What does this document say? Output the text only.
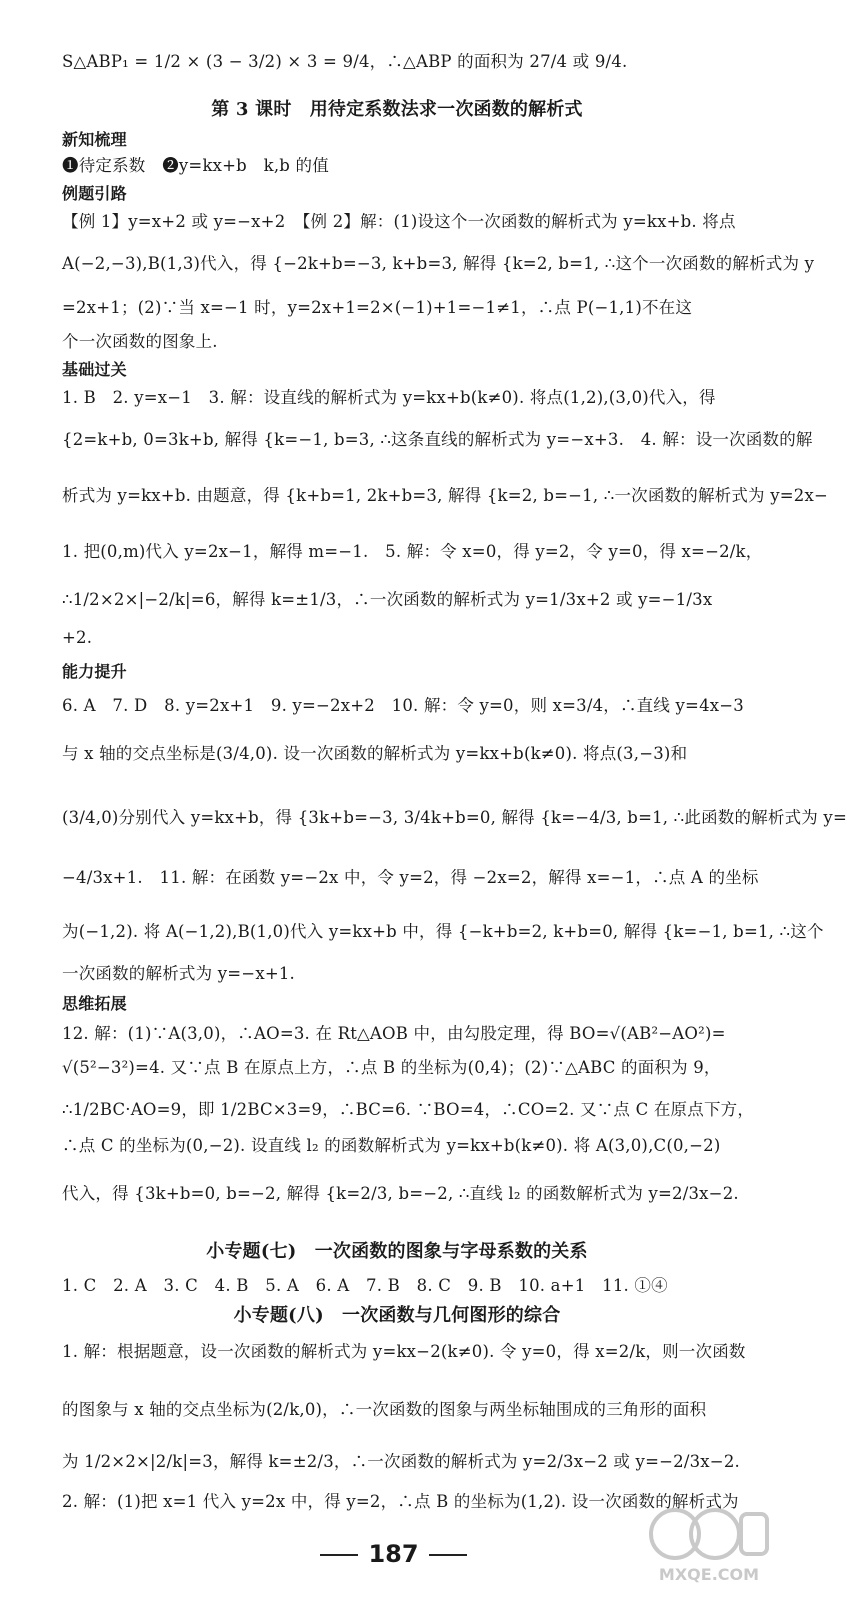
S△ABP₁ = 1/2 × (3 − 3/2) × 3 = 9/4，∴△ABP 的面积为 27/4 或 9/4.
第 3 课时　用待定系数法求一次函数的解析式
新知梳理
❶待定系数　❷y=kx+b　k,b 的值
例题引路
【例 1】y=x+2 或 y=−x+2　【例 2】解：(1)设这个一次函数的解析式为 y=kx+b. 将点
A(−2,−3),B(1,3)代入，得 {−2k+b=−3, k+b=3, 解得 {k=2, b=1, ∴这个一次函数的解析式为 y
=2x+1；(2)∵当 x=−1 时，y=2x+1=2×(−1)+1=−1≠1，∴点 P(−1,1)不在这
个一次函数的图象上.
基础过关
1. B　2. y=x−1　3. 解：设直线的解析式为 y=kx+b(k≠0). 将点(1,2),(3,0)代入，得
{2=k+b, 0=3k+b, 解得 {k=−1, b=3, ∴这条直线的解析式为 y=−x+3.　4. 解：设一次函数的解
析式为 y=kx+b. 由题意，得 {k+b=1, 2k+b=3, 解得 {k=2, b=−1, ∴一次函数的解析式为 y=2x−
1. 把(0,m)代入 y=2x−1，解得 m=−1.　5. 解：令 x=0，得 y=2，令 y=0，得 x=−2/k，
∴1/2×2×|−2/k|=6，解得 k=±1/3，∴一次函数的解析式为 y=1/3x+2 或 y=−1/3x
+2.
能力提升
6. A　7. D　8. y=2x+1　9. y=−2x+2　10. 解：令 y=0，则 x=3/4，∴直线 y=4x−3
与 x 轴的交点坐标是(3/4,0). 设一次函数的解析式为 y=kx+b(k≠0). 将点(3,−3)和
(3/4,0)分别代入 y=kx+b，得 {3k+b=−3, 3/4k+b=0, 解得 {k=−4/3, b=1, ∴此函数的解析式为 y=
−4/3x+1.　11. 解：在函数 y=−2x 中，令 y=2，得 −2x=2，解得 x=−1，∴点 A 的坐标
为(−1,2). 将 A(−1,2),B(1,0)代入 y=kx+b 中，得 {−k+b=2, k+b=0, 解得 {k=−1, b=1, ∴这个
一次函数的解析式为 y=−x+1.
思维拓展
12. 解：(1)∵A(3,0)，∴AO=3. 在 Rt△AOB 中，由勾股定理，得 BO=√(AB²−AO²)=
√(5²−3²)=4. 又∵点 B 在原点上方，∴点 B 的坐标为(0,4)；(2)∵△ABC 的面积为 9，
∴1/2BC·AO=9，即 1/2BC×3=9，∴BC=6. ∵BO=4，∴CO=2. 又∵点 C 在原点下方，
∴点 C 的坐标为(0,−2). 设直线 l₂ 的函数解析式为 y=kx+b(k≠0). 将 A(3,0),C(0,−2)
代入，得 {3k+b=0, b=−2, 解得 {k=2/3, b=−2, ∴直线 l₂ 的函数解析式为 y=2/3x−2.
小专题(七)　一次函数的图象与字母系数的关系
1. C　2. A　3. C　4. B　5. A　6. A　7. B　8. C　9. B　10. a+1　11. ①④
小专题(八)　一次函数与几何图形的综合
1. 解：根据题意，设一次函数的解析式为 y=kx−2(k≠0). 令 y=0，得 x=2/k，则一次函数
的图象与 x 轴的交点坐标为(2/k,0)，∴一次函数的图象与两坐标轴围成的三角形的面积
为 1/2×2×|2/k|=3，解得 k=±2/3，∴一次函数的解析式为 y=2/3x−2 或 y=−2/3x−2.
2. 解：(1)把 x=1 代入 y=2x 中，得 y=2，∴点 B 的坐标为(1,2). 设一次函数的解析式为
187
MXQE.COM
